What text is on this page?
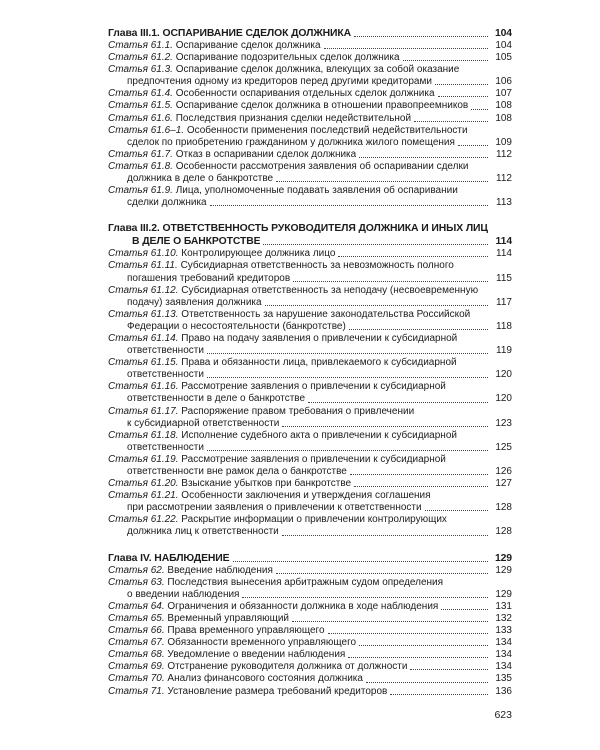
Глава III.1. ОСПАРИВАНИЕ СДЕЛОК ДОЛЖНИКА	104
Статья 61.1. Оспаривание сделок должника	104
Статья 61.2. Оспаривание подозрительных сделок должника	105
Статья 61.3. Оспаривание сделок должника, влекущих за собой оказание
предпочтения одному из кредиторов перед другими кредиторами	106
Статья 61.4. Особенности оспаривания отдельных сделок должника	107
Статья 61.5. Оспаривание сделок должника в отношении правопреемников	108
Статья 61.6. Последствия признания сделки недействительной	108
Статья 61.6–1. Особенности применения последствий недействительности
сделок по приобретению гражданином у должника жилого помещения	109
Статья 61.7. Отказ в оспаривании сделок должника	112
Статья 61.8. Особенности рассмотрения заявления об оспаривании сделки
должника в деле о банкротстве	112
Статья 61.9. Лица, уполномоченные подавать заявления об оспаривании
сделки должника	113
Глава III.2. ОТВЕТСТВЕННОСТЬ РУКОВОДИТЕЛЯ ДОЛЖНИКА И ИНЫХ ЛИЦ
В ДЕЛЕ О БАНКРОТСТВЕ	114
Статья 61.10. Контролирующее должника лицо	114
Статья 61.11. Субсидиарная ответственность за невозможность полного
погашения требований кредиторов	115
Статья 61.12. Субсидиарная ответственность за неподачу (несвоевременную
подачу) заявления должника	117
Статья 61.13. Ответственность за нарушение законодательства Российской
Федерации о несостоятельности (банкротстве)	118
Статья 61.14. Право на подачу заявления о привлечении к субсидиарной
ответственности	119
Статья 61.15. Права и обязанности лица, привлекаемого к субсидиарной
ответственности	120
Статья 61.16. Рассмотрение заявления о привлечении к субсидиарной
ответственности в деле о банкротстве	120
Статья 61.17. Распоряжение правом требования о привлечении
к субсидиарной ответственности	123
Статья 61.18. Исполнение судебного акта о привлечении к субсидиарной
ответственности	125
Статья 61.19. Рассмотрение заявления о привлечении к субсидиарной
ответственности вне рамок дела о банкротстве	126
Статья 61.20. Взыскание убытков при банкротстве	127
Статья 61.21. Особенности заключения и утверждения соглашения
при рассмотрении заявления о привлечении к ответственности	128
Статья 61.22. Раскрытие информации о привлечении контролирующих
должника лиц к ответственности	128
Глава IV. НАБЛЮДЕНИЕ	129
Статья 62. Введение наблюдения	129
Статья 63. Последствия вынесения арбитражным судом определения
о введении наблюдения	129
Статья 64. Ограничения и обязанности должника в ходе наблюдения	131
Статья 65. Временный управляющий	132
Статья 66. Права временного управляющего	133
Статья 67. Обязанности временного управляющего	134
Статья 68. Уведомление о введении наблюдения	134
Статья 69. Отстранение руководителя должника от должности	134
Статья 70. Анализ финансового состояния должника	135
Статья 71. Установление размера требований кредиторов	136
623
